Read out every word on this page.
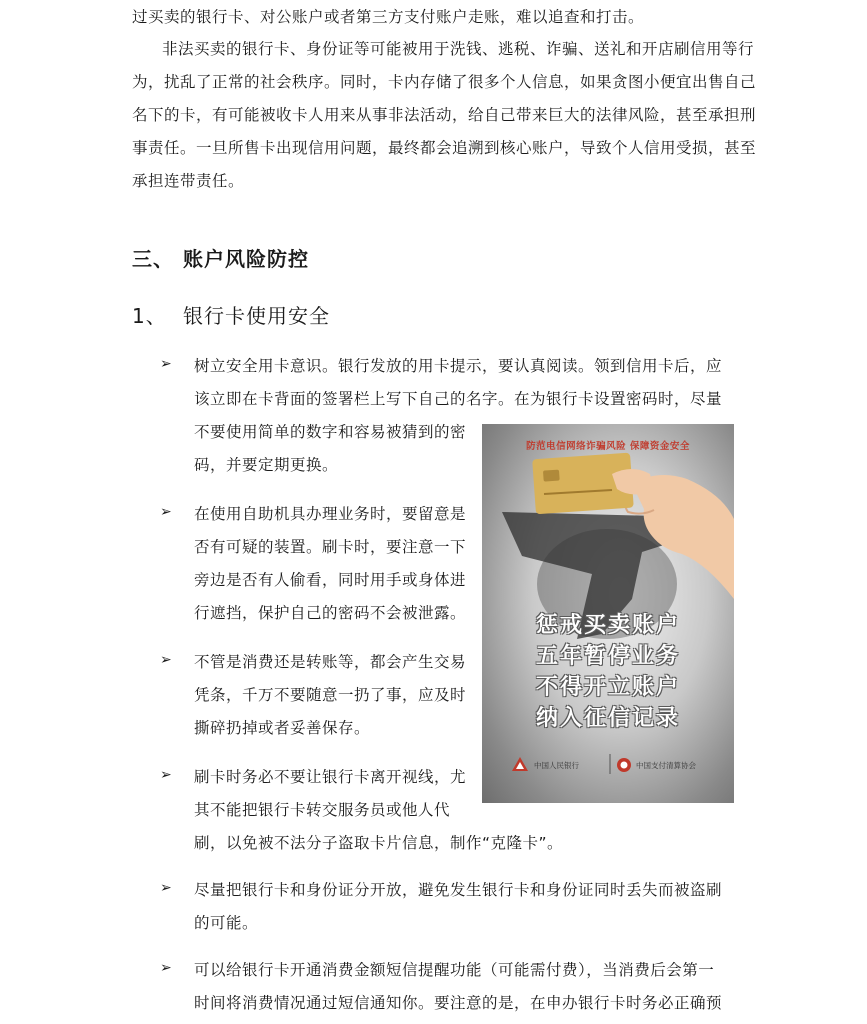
过买卖的银行卡、对公账户或者第三方支付账户走账，难以追查和打击。
非法买卖的银行卡、身份证等可能被用于洗钱、逃税、诈骗、送礼和开店刷信用等行
为，扰乱了正常的社会秩序。同时，卡内存储了很多个人信息，如果贪图小便宜出售自己
名下的卡，有可能被收卡人用来从事非法活动，给自己带来巨大的法律风险，甚至承担刑
事责任。一旦所售卡出现信用问题，最终都会追溯到核心账户，导致个人信用受损，甚至
承担连带责任。
三、 账户风险防控
1、 银行卡使用安全
➢ 树立安全用卡意识。银行发放的用卡提示，要认真阅读。领到信用卡后，应
该立即在卡背面的签署栏上写下自己的名字。在为银行卡设置密码时，尽量
不要使用简单的数字和容易被猜到的密
码，并要定期更换。
➢ 在使用自助机具办理业务时，要留意是
否有可疑的装置。刷卡时，要注意一下
旁边是否有人偷看，同时用手或身体进
行遮挡，保护自己的密码不会被泄露。
➢ 不管是消费还是转账等，都会产生交易
凭条，千万不要随意一扔了事，应及时
撕碎扔掉或者妥善保存。
➢ 刷卡时务必不要让银行卡离开视线，尤
其不能把银行卡转交服务员或他人代
刷，以免被不法分子盗取卡片信息，制作“克隆卡”。
➢ 尽量把银行卡和身份证分开放，避免发生银行卡和身份证同时丢失而被盗刷
的可能。
➢ 可以给银行卡开通消费金额短信提醒功能（可能需付费），当消费后会第一
时间将消费情况通过短信通知你。要注意的是，在申办银行卡时务必正确预
防范电信网络诈骗风险 保障资金安全
惩戒买卖账户
五年暂停业务
不得开立账户
纳入征信记录
中国人民银行	中国支付清算协会
